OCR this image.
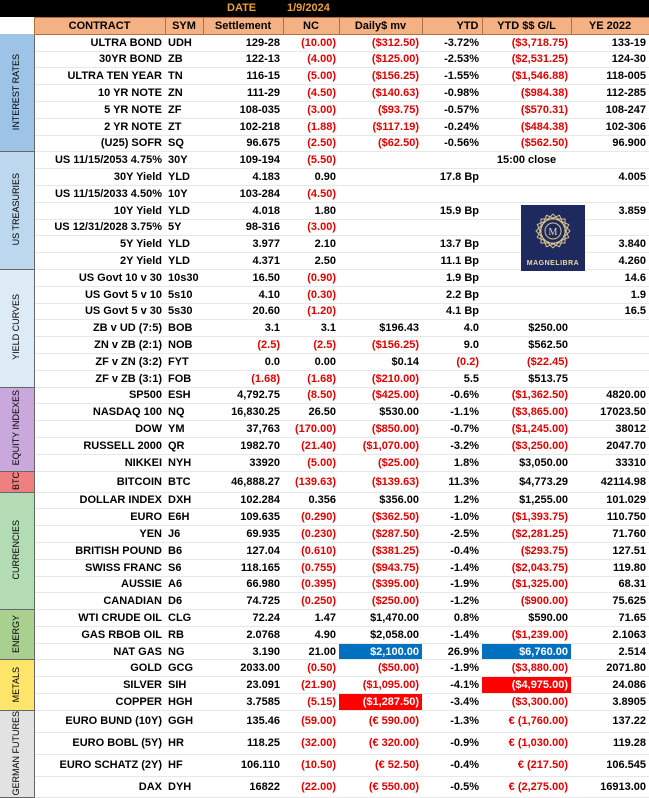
DATE	1/9/2024
	CONTRACT	SYM	Settlement	NC	Daily$ mv	YTD	YTD $$ G/L	YE 2022
INTEREST RATES	ULTRA BOND	UDH	129-28	(10.00)	($312.50)	-3.72%	($3,718.75)	133-19
	30YR BOND	ZB	122-13	(4.00)	($125.00)	-2.53%	($2,531.25)	124-30
	ULTRA TEN YEAR	TN	116-15	(5.00)	($156.25)	-1.55%	($1,546.88)	118-005
	10 YR NOTE	ZN	111-29	(4.50)	($140.63)	-0.98%	($984.38)	112-285
	5 YR NOTE	ZF	108-035	(3.00)	($93.75)	-0.57%	($570.31)	108-247
	2 YR NOTE	ZT	102-218	(1.88)	($117.19)	-0.24%	($484.38)	102-306
	(U25) SOFR	SQ	96.675	(2.50)	($62.50)	-0.56%	($562.50)	96.900
US TREASURIES	US 11/15/2053 4.75%	30Y	109-194	(5.50)			15:00 close	
	30Y Yield	YLD	4.183	0.90		17.8 Bp		4.005
	US 11/15/2033 4.50%	10Y	103-284	(4.50)				
	10Y Yield	YLD	4.018	1.80		15.9 Bp		3.859
	US 12/31/2028 3.75%	5Y	98-316	(3.00)				
	5Y Yield	YLD	3.977	2.10		13.7 Bp		3.840
	2Y Yield	YLD	4.371	2.50		11.1 Bp		4.260
YIELD CURVES	US Govt 10 v 30	10s30	16.50	(0.90)		1.9 Bp		14.6
	US Govt 5 v 10	5s10	4.10	(0.30)		2.2 Bp		1.9
	US Govt 5 v 30	5s30	20.60	(1.20)		4.1 Bp		16.5
	ZB v UD (7:5)	BOB	3.1	3.1	$196.43	4.0	$250.00	
	ZN v ZB (2:1)	NOB	(2.5)	(2.5)	($156.25)	9.0	$562.50	
	ZF v ZN (3:2)	FYT	0.0	0.00	$0.14	(0.2)	($22.45)	
	ZF v ZB (3:1)	FOB	(1.68)	(1.68)	($210.00)	5.5	$513.75	
EQUITY INDEXES	SP500	ESH	4,792.75	(8.50)	($425.00)	-0.6%	($1,362.50)	4820.00
	NASDAQ 100	NQ	16,830.25	26.50	$530.00	-1.1%	($3,865.00)	17023.50
	DOW	YM	37,763	(170.00)	($850.00)	-0.7%	($1,245.00)	38012
	RUSSELL 2000	QR	1982.70	(21.40)	($1,070.00)	-3.2%	($3,250.00)	2047.70
	NIKKEI	NYH	33920	(5.00)	($25.00)	1.8%	$3,050.00	33310
BTC	BITCOIN	BTC	46,888.27	(139.63)	($139.63)	11.3%	$4,773.29	42114.98
CURRENCIES	DOLLAR INDEX	DXH	102.284	0.356	$356.00	1.2%	$1,255.00	101.029
	EURO	E6H	109.635	(0.290)	($362.50)	-1.0%	($1,393.75)	110.750
	YEN	J6	69.935	(0.230)	($287.50)	-2.5%	($2,281.25)	71.760
	BRITISH POUND	B6	127.04	(0.610)	($381.25)	-0.4%	($293.75)	127.51
	SWISS FRANC	S6	118.165	(0.755)	($943.75)	-1.4%	($2,043.75)	119.80
	AUSSIE	A6	66.980	(0.395)	($395.00)	-1.9%	($1,325.00)	68.31
	CANADIAN	D6	74.725	(0.250)	($250.00)	-1.2%	($900.00)	75.625
ENERGY	WTI CRUDE OIL	CLG	72.24	1.47	$1,470.00	0.8%	$590.00	71.65
	GAS RBOB OIL	RB	2.0768	4.90	$2,058.00	-1.4%	($1,239.00)	2.1063
	NAT GAS	NG	3.190	21.00	$2,100.00	26.9%	$6,760.00	2.514
METALS	GOLD	GCG	2033.00	(0.50)	($50.00)	-1.9%	($3,880.00)	2071.80
	SILVER	SIH	23.091	(21.90)	($1,095.00)	-4.1%	($4,975.00)	24.086
	COPPER	HGH	3.7585	(5.15)	($1,287.50)	-3.4%	($3,300.00)	3.8905
GERMAN FUTURES	EURO BUND (10Y)	GGH	135.46	(59.00)	(€ 590.00)	-1.3%	€ (1,760.00)	137.22
	EURO BOBL (5Y)	HR	118.25	(32.00)	(€ 320.00)	-0.9%	€ (1,030.00)	119.28
	EURO SCHATZ (2Y)	HF	106.110	(10.50)	(€ 52.50)	-0.4%	€ (217.50)	106.545
	DAX	DYH	16822	(22.00)	(€ 550.00)	-0.5%	€ (2,275.00)	16913.00
M
MAGNELIBRA
